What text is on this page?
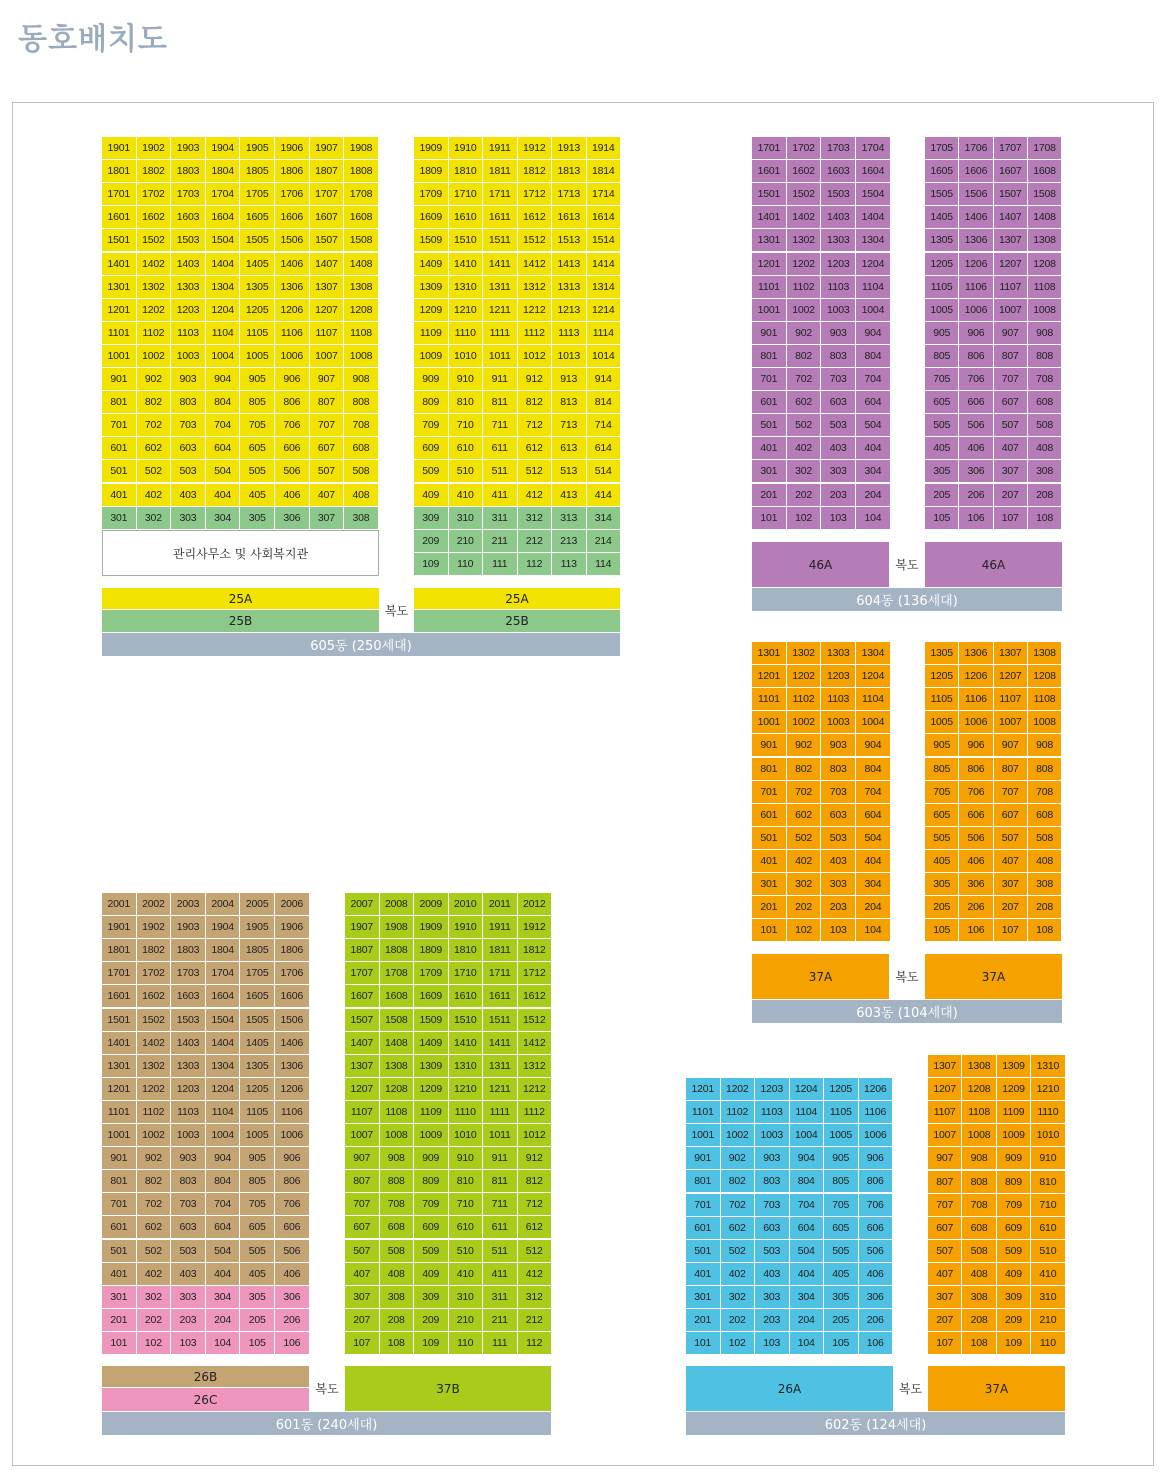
동호배치도
1901	1902	1903	1904	1905	1906	1907	1908
1801	1802	1803	1804	1805	1806	1807	1808
1701	1702	1703	1704	1705	1706	1707	1708
1601	1602	1603	1604	1605	1606	1607	1608
1501	1502	1503	1504	1505	1506	1507	1508
1401	1402	1403	1404	1405	1406	1407	1408
1301	1302	1303	1304	1305	1306	1307	1308
1201	1202	1203	1204	1205	1206	1207	1208
1101	1102	1103	1104	1105	1106	1107	1108
1001	1002	1003	1004	1005	1006	1007	1008
901	902	903	904	905	906	907	908
801	802	803	804	805	806	807	808
701	702	703	704	705	706	707	708
601	602	603	604	605	606	607	608
501	502	503	504	505	506	507	508
401	402	403	404	405	406	407	408
301	302	303	304	305	306	307	308
1909	1910	1911	1912	1913	1914
1809	1810	1811	1812	1813	1814
1709	1710	1711	1712	1713	1714
1609	1610	1611	1612	1613	1614
1509	1510	1511	1512	1513	1514
1409	1410	1411	1412	1413	1414
1309	1310	1311	1312	1313	1314
1209	1210	1211	1212	1213	1214
1109	1110	1111	1112	1113	1114
1009	1010	1011	1012	1013	1014
909	910	911	912	913	914
809	810	811	812	813	814
709	710	711	712	713	714
609	610	611	612	613	614
509	510	511	512	513	514
409	410	411	412	413	414
309	310	311	312	313	314
209	210	211	212	213	214
109	110	111	112	113	114
관리사무소 및 사회복지관
25A
25B
복도
25A
25B
605동 (250세대)
1701	1702	1703	1704
1601	1602	1603	1604
1501	1502	1503	1504
1401	1402	1403	1404
1301	1302	1303	1304
1201	1202	1203	1204
1101	1102	1103	1104
1001	1002	1003	1004
901	902	903	904
801	802	803	804
701	702	703	704
601	602	603	604
501	502	503	504
401	402	403	404
301	302	303	304
201	202	203	204
101	102	103	104
1705	1706	1707	1708
1605	1606	1607	1608
1505	1506	1507	1508
1405	1406	1407	1408
1305	1306	1307	1308
1205	1206	1207	1208
1105	1106	1107	1108
1005	1006	1007	1008
905	906	907	908
805	806	807	808
705	706	707	708
605	606	607	608
505	506	507	508
405	406	407	408
305	306	307	308
205	206	207	208
105	106	107	108
46A	복도	46A
604동 (136세대)
1301	1302	1303	1304
1201	1202	1203	1204
1101	1102	1103	1104
1001	1002	1003	1004
901	902	903	904
801	802	803	804
701	702	703	704
601	602	603	604
501	502	503	504
401	402	403	404
301	302	303	304
201	202	203	204
101	102	103	104
1305	1306	1307	1308
1205	1206	1207	1208
1105	1106	1107	1108
1005	1006	1007	1008
905	906	907	908
805	806	807	808
705	706	707	708
605	606	607	608
505	506	507	508
405	406	407	408
305	306	307	308
205	206	207	208
105	106	107	108
37A	복도	37A
603동 (104세대)
2001	2002	2003	2004	2005	2006
1901	1902	1903	1904	1905	1906
1801	1802	1803	1804	1805	1806
1701	1702	1703	1704	1705	1706
1601	1602	1603	1604	1605	1606
1501	1502	1503	1504	1505	1506
1401	1402	1403	1404	1405	1406
1301	1302	1303	1304	1305	1306
1201	1202	1203	1204	1205	1206
1101	1102	1103	1104	1105	1106
1001	1002	1003	1004	1005	1006
901	902	903	904	905	906
801	802	803	804	805	806
701	702	703	704	705	706
601	602	603	604	605	606
501	502	503	504	505	506
401	402	403	404	405	406
301	302	303	304	305	306
201	202	203	204	205	206
101	102	103	104	105	106
2007	2008	2009	2010	2011	2012
1907	1908	1909	1910	1911	1912
1807	1808	1809	1810	1811	1812
1707	1708	1709	1710	1711	1712
1607	1608	1609	1610	1611	1612
1507	1508	1509	1510	1511	1512
1407	1408	1409	1410	1411	1412
1307	1308	1309	1310	1311	1312
1207	1208	1209	1210	1211	1212
1107	1108	1109	1110	1111	1112
1007	1008	1009	1010	1011	1012
907	908	909	910	911	912
807	808	809	810	811	812
707	708	709	710	711	712
607	608	609	610	611	612
507	508	509	510	511	512
407	408	409	410	411	412
307	308	309	310	311	312
207	208	209	210	211	212
107	108	109	110	111	112
26B
26C
복도	37B
601동 (240세대)
1201	1202	1203	1204	1205	1206
1101	1102	1103	1104	1105	1106
1001	1002	1003	1004	1005	1006
901	902	903	904	905	906
801	802	803	804	805	806
701	702	703	704	705	706
601	602	603	604	605	606
501	502	503	504	505	506
401	402	403	404	405	406
301	302	303	304	305	306
201	202	203	204	205	206
101	102	103	104	105	106
1307	1308	1309	1310
1207	1208	1209	1210
1107	1108	1109	1110
1007	1008	1009	1010
907	908	909	910
807	808	809	810
707	708	709	710
607	608	609	610
507	508	509	510
407	408	409	410
307	308	309	310
207	208	209	210
107	108	109	110
26A	복도	37A
602동 (124세대)
